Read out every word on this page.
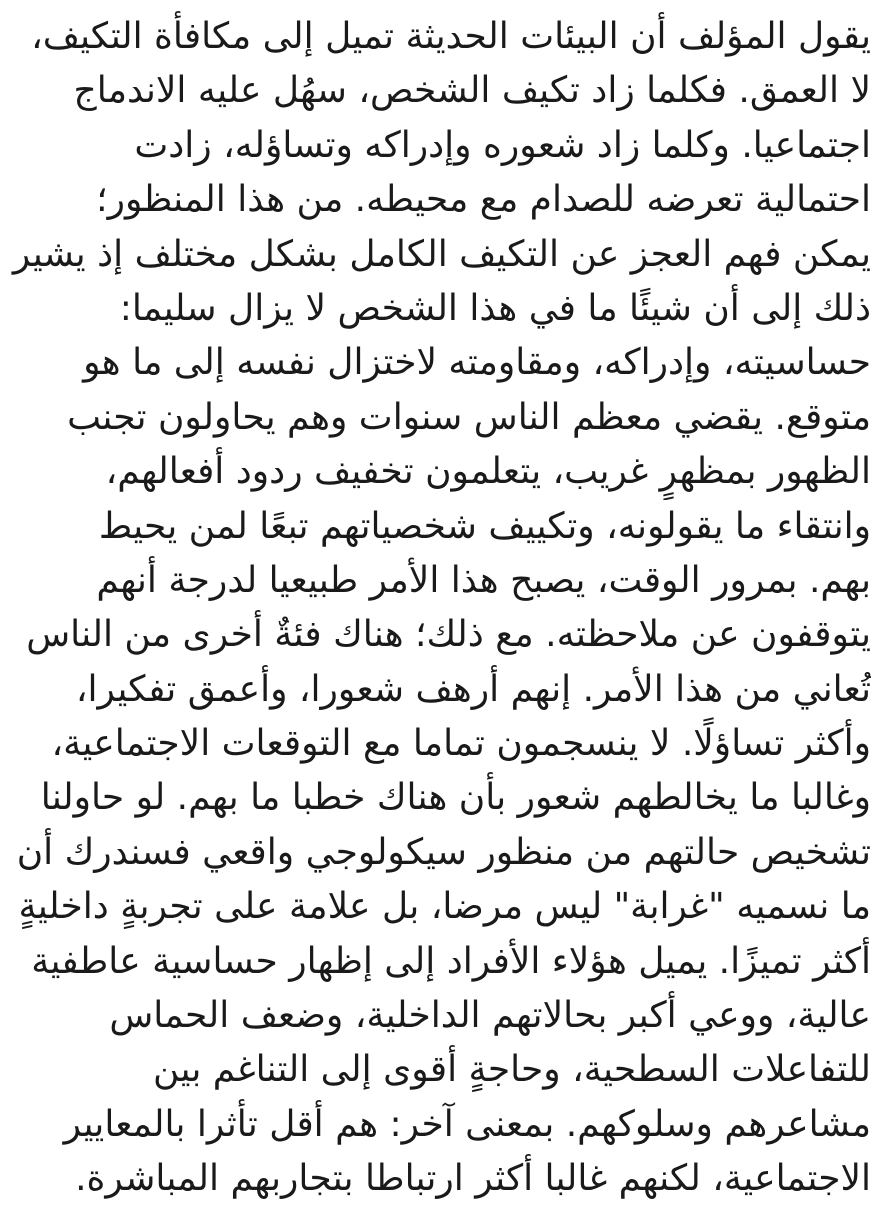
يقول المؤلف أن البيئات الحديثة تميل إلى مكافأة التكيف،
لا العمق. فكلما زاد تكيف الشخص، سهُل عليه الاندماج
اجتماعيا. وكلما زاد شعوره وإدراكه وتساؤله، زادت
احتمالية تعرضه للصدام مع محيطه. من هذا المنظور؛
يمكن فهم العجز عن التكيف الكامل بشكل مختلف إذ يشير
ذلك إلى أن شيئًا ما في هذا الشخص لا يزال سليما:
حساسيته، وإدراكه، ومقاومته لاختزال نفسه إلى ما هو
متوقع. يقضي معظم الناس سنوات وهم يحاولون تجنب
الظهور بمظهرٍ غريب، يتعلمون تخفيف ردود أفعالهم،
وانتقاء ما يقولونه، وتكييف شخصياتهم تبعًا لمن يحيط
بهم. بمرور الوقت، يصبح هذا الأمر طبيعيا لدرجة أنهم
يتوقفون عن ملاحظته. مع ذلك؛ هناك فئةٌ أخرى من الناس
تُعاني من هذا الأمر. إنهم أرهف شعورا، وأعمق تفكيرا،
وأكثر تساؤلًا. لا ينسجمون تماما مع التوقعات الاجتماعية،
وغالبا ما يخالطهم شعور بأن هناك خطبا ما بهم. لو حاولنا
تشخيص حالتهم من منظور سيكولوجي واقعي فسندرك أن
ما نسميه "غرابة" ليس مرضا، بل علامة على تجربةٍ داخليةٍ
أكثر تميزًا. يميل هؤلاء الأفراد إلى إظهار حساسية عاطفية
عالية، ووعي أكبر بحالاتهم الداخلية، وضعف الحماس
للتفاعلات السطحية، وحاجةٍ أقوى إلى التناغم بين
مشاعرهم وسلوكهم. بمعنى آخر: هم أقل تأثرا بالمعايير
الاجتماعية، لكنهم غالبا أكثر ارتباطا بتجاربهم المباشرة.
